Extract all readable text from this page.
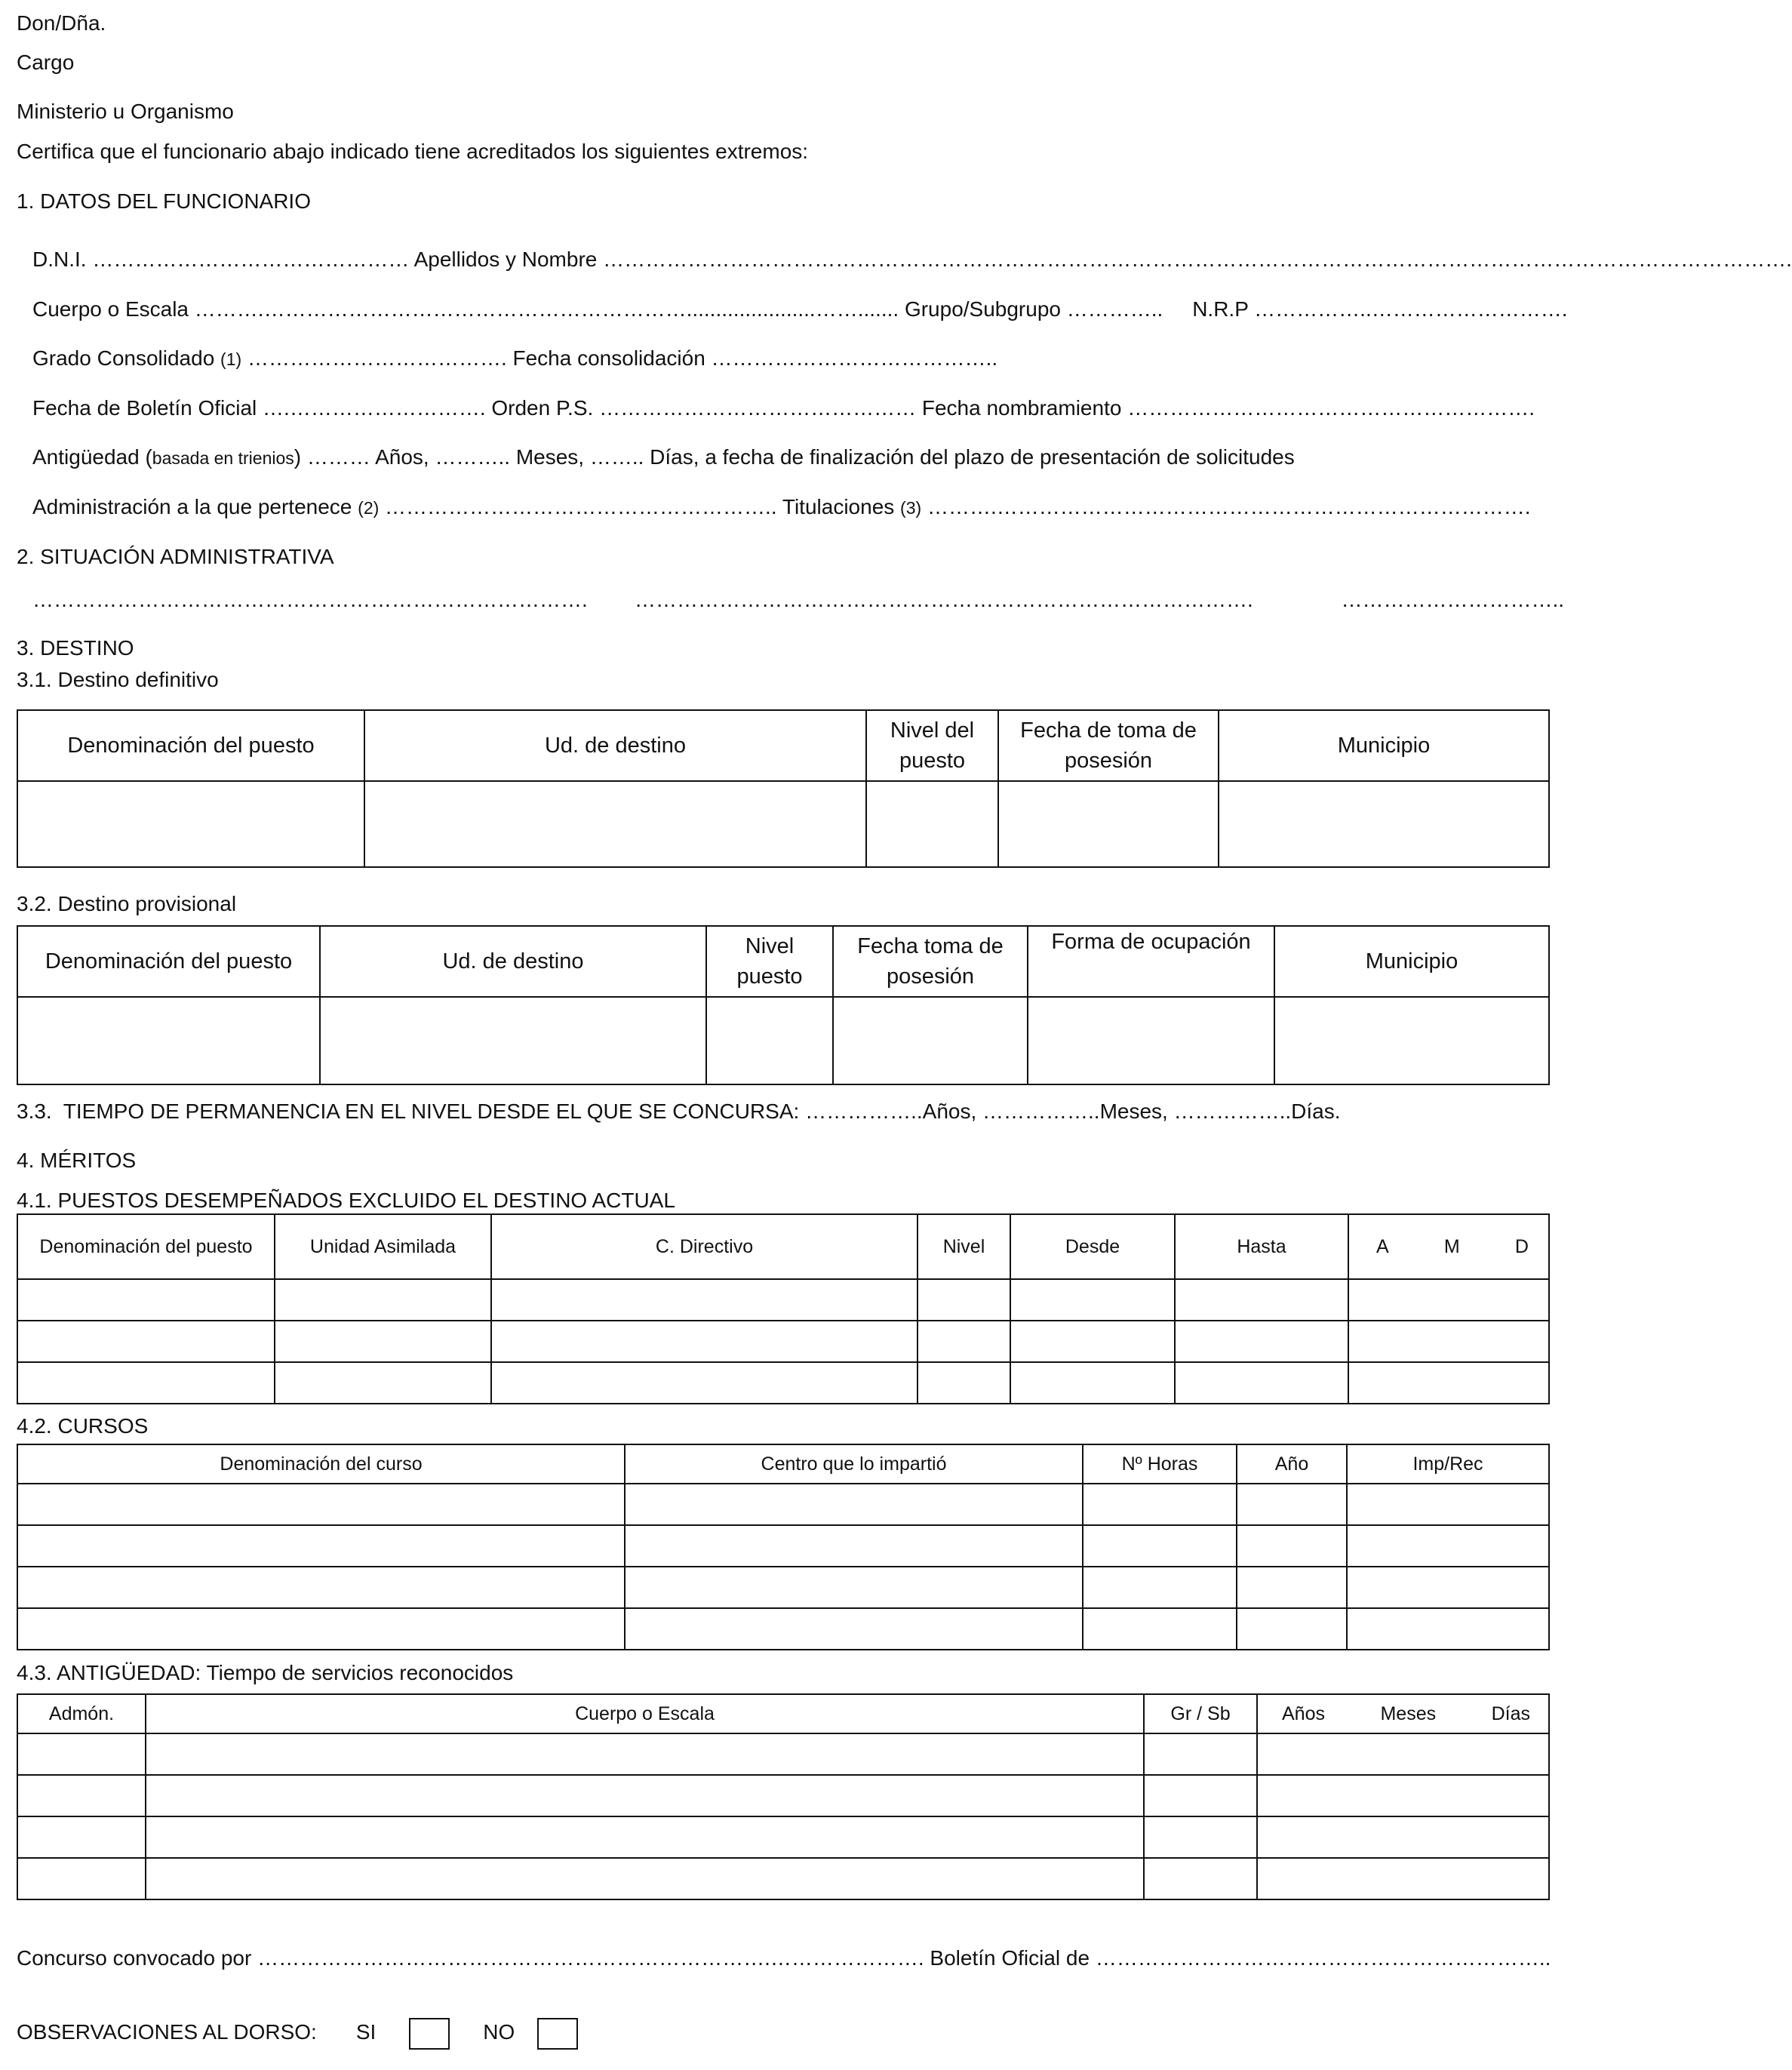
Don/Dña.
Cargo
Ministerio u Organismo
Certifica que el funcionario abajo indicado tiene acreditados los siguientes extremos:
1. DATOS DEL FUNCIONARIO
D.N.I. ……………………………………… Apellidos y Nombre …………………………………………………………………………………………………………………………………………………….
Cuerpo o Escala ……….……………………………………………………......................……....... Grupo/Subgrupo …………..     N.R.P ……………..……………………….
Grado Consolidado (1) ………………………………. Fecha consolidación …………………………………..
Fecha de Boletín Oficial ….………………………. Orden P.S. ……………………………………… Fecha nombramiento ………………………………………………….
Antigüedad (basada en trienios) ……… Años, ……….. Meses, …….. Días, a fecha de finalización del plazo de presentación de solicitudes
Administración a la que pertenece (2) ……………………………………………….. Titulaciones (3) ……….………………………………………………………………….
2. SITUACIÓN ADMINISTRATIVA
…………………………………………………………………….        …………………………………………………………………………….               …………………………..
3. DESTINO
3.1. Destino definitivo
Denominación del puesto	Ud. de destino	Nivel del puesto	Fecha de toma de posesión	Municipio

3.2. Destino provisional
Denominación del puesto	Ud. de destino	Nivel puesto	Fecha toma de posesión	Forma de ocupación	Municipio

3.3.  TIEMPO DE PERMANENCIA EN EL NIVEL DESDE EL QUE SE CONCURSA: ……………..Años, ……………..Meses, ……………..Días.
4. MÉRITOS
4.1. PUESTOS DESEMPEÑADOS EXCLUIDO EL DESTINO ACTUAL
Denominación del puesto	Unidad Asimilada	C. Directivo	Nivel	Desde	Hasta	A M D

4.2. CURSOS
Denominación del curso	Centro que lo impartió	Nº Horas	Año	Imp/Rec

4.3. ANTIGÜEDAD: Tiempo de servicios reconocidos
Admón.	Cuerpo o Escala	Gr / Sb	Años Meses Días

Concurso convocado por ……………………………………………………………….…………………. Boletín Oficial de ………………………………………………………..
OBSERVACIONES AL DORSO: SI	NO
